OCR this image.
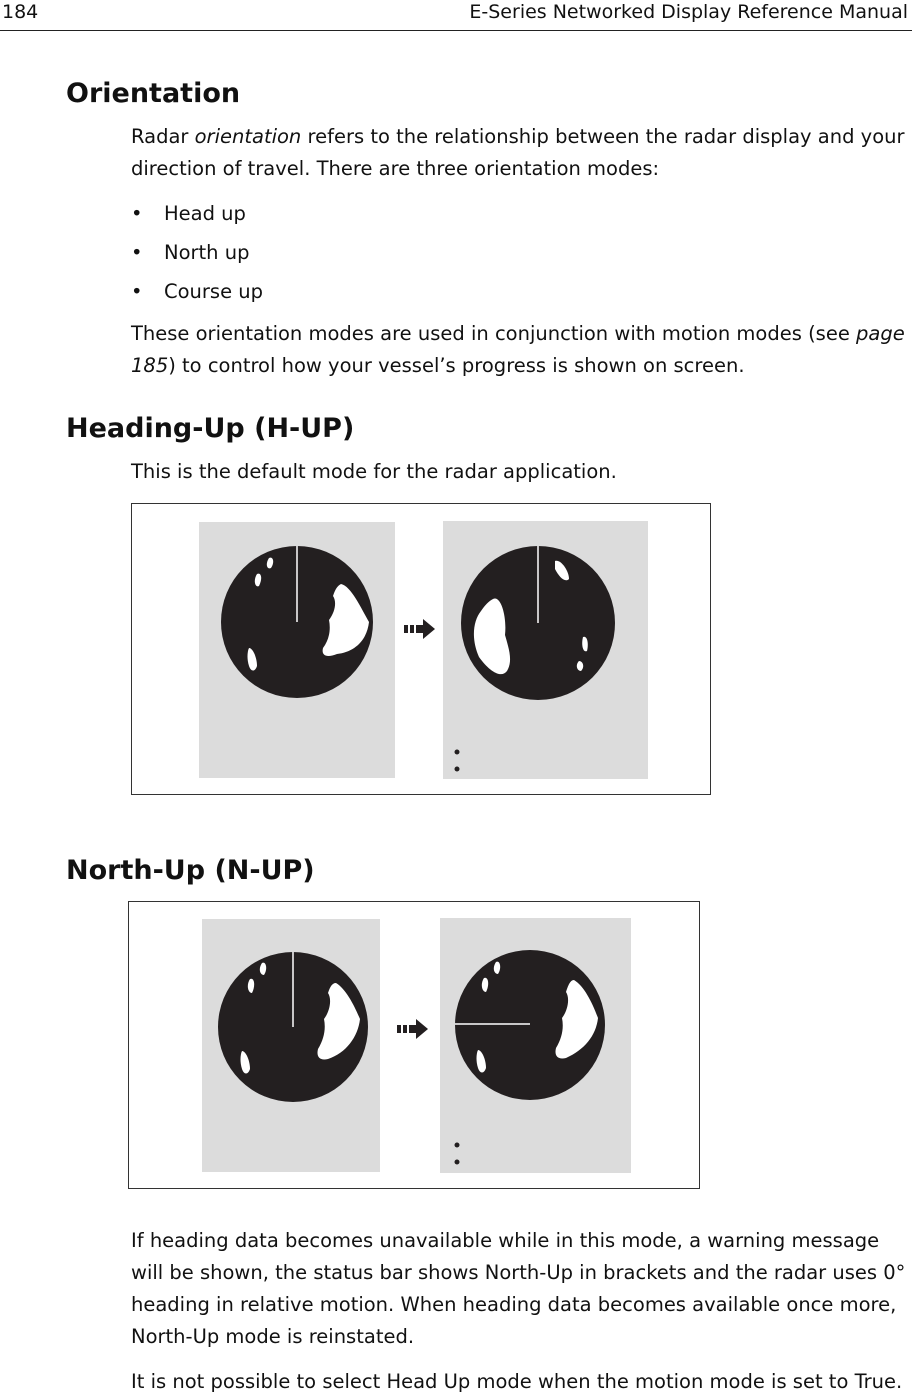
184	E-Series Networked Display Reference Manual
Orientation

Radar orientation refers to the relationship between the radar display and your direction of travel. There are three orientation modes:

• Head up
• North up
• Course up

These orientation modes are used in conjunction with motion modes (see page 185) to control how your vessel’s progress is shown on screen.

Heading-Up (H-UP)

This is the default mode for the radar application.

North-Up (N-UP)

If heading data becomes unavailable while in this mode, a warning message will be shown, the status bar shows North-Up in brackets and the radar uses 0° heading in relative motion. When heading data becomes available once more, North-Up mode is reinstated.

It is not possible to select Head Up mode when the motion mode is set to True.
